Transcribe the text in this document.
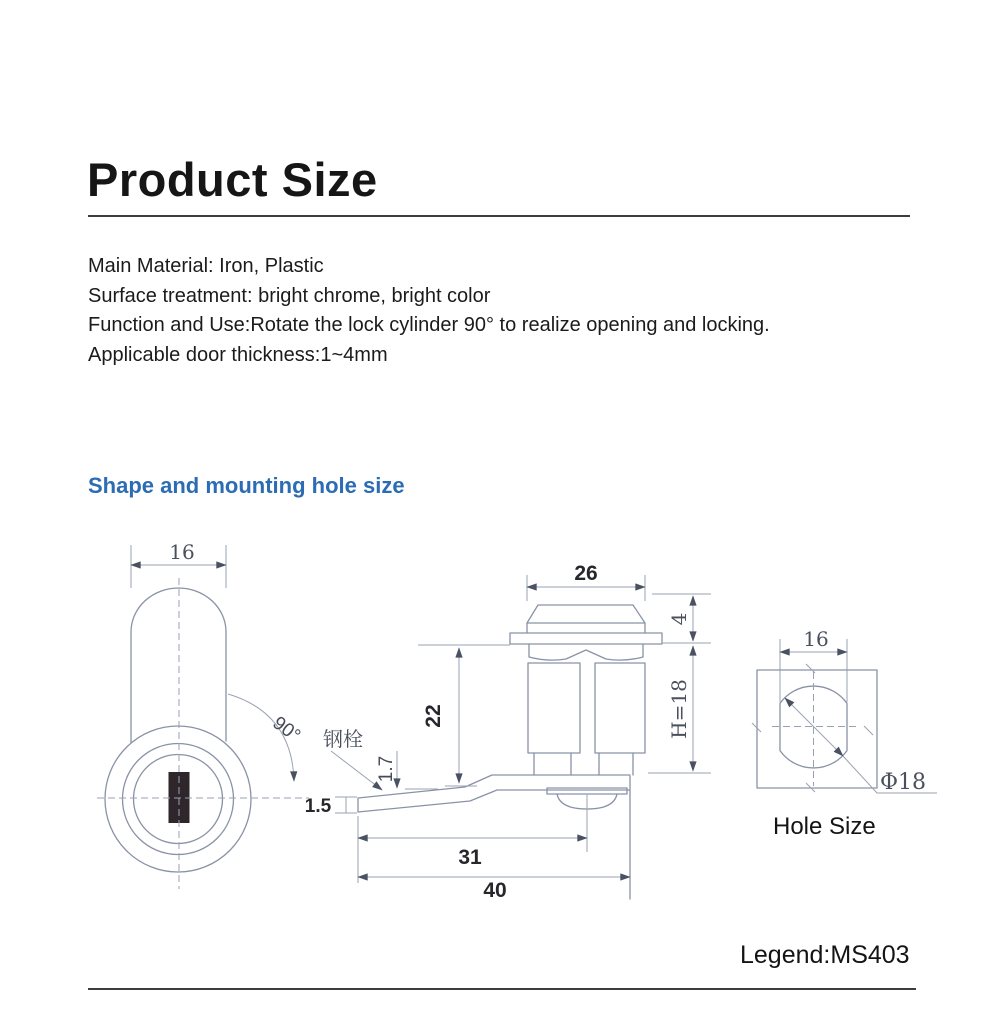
Product Size
Main Material: Iron, Plastic
Surface treatment: bright chrome, bright color
Function and Use:Rotate the lock cylinder 90° to realize opening and locking.
Applicable door thickness:1~4mm
Shape and mounting hole size
16
90°
26
22
1.7
钢栓
1.5
4
H=18
31
40
16
Φ18
Hole Size
Legend:MS403
